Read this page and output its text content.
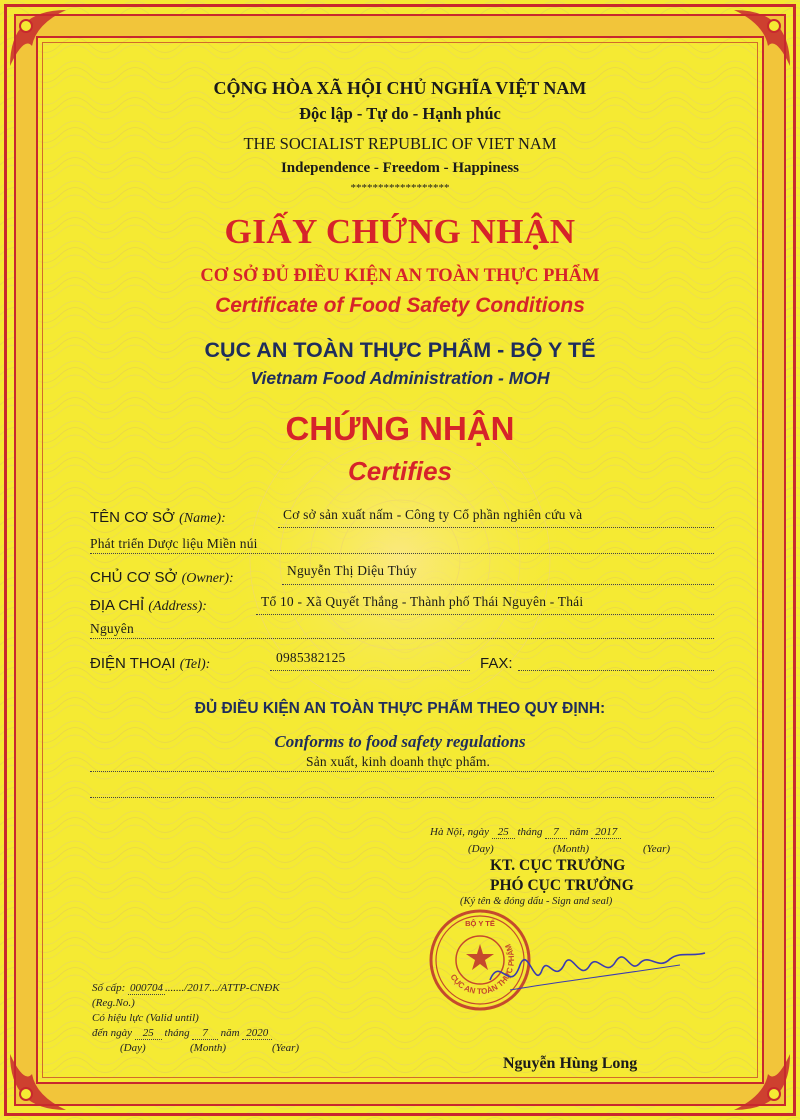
CỘNG HÒA XÃ HỘI CHỦ NGHĨA VIỆT NAM
Độc lập - Tự do - Hạnh phúc
THE SOCIALIST REPUBLIC OF VIET NAM
Independence - Freedom - Happiness
******************
GIẤY CHỨNG NHẬN
CƠ SỞ ĐỦ ĐIỀU KIỆN AN TOÀN THỰC PHẨM
Certificate of Food Safety Conditions
CỤC AN TOÀN THỰC PHẨM - BỘ Y TẾ
Vietnam Food Administration - MOH
CHỨNG NHẬN
Certifies
TÊN CƠ SỞ (Name):	Cơ sở sản xuất nấm - Công ty Cổ phần nghiên cứu và
Phát triển Dược liệu Miền núi
CHỦ CƠ SỞ (Owner):
Nguyễn Thị Diệu Thúy
ĐỊA CHỈ (Address):	Tổ 10 - Xã Quyết Thắng - Thành phố Thái Nguyên - Thái
Nguyên
ĐIỆN THOẠI (Tel):	0985382125	FAX:
ĐỦ ĐIỀU KIỆN AN TOÀN THỰC PHẨM THEO QUY ĐỊNH:
Conforms to food safety regulations
Sản xuất, kinh doanh thực phẩm.
Hà Nội, ngày 25 tháng 7 năm 2017
(Day)	(Month)	(Year)
KT. CỤC TRƯỞNG
PHÓ CỤC TRƯỞNG
(Ký tên & đóng dấu - Sign and seal)
CỤC AN TOÀN THỰC PHẨM
BỘ Y TẾ
Nguyễn Hùng Long
Số cấp: 000704 ......./2017.../ATTP-CNĐK
(Reg.No.)
Có hiệu lực (Valid until)
đến ngày 25 tháng 7 năm 2020
(Day)	(Month)	(Year)
